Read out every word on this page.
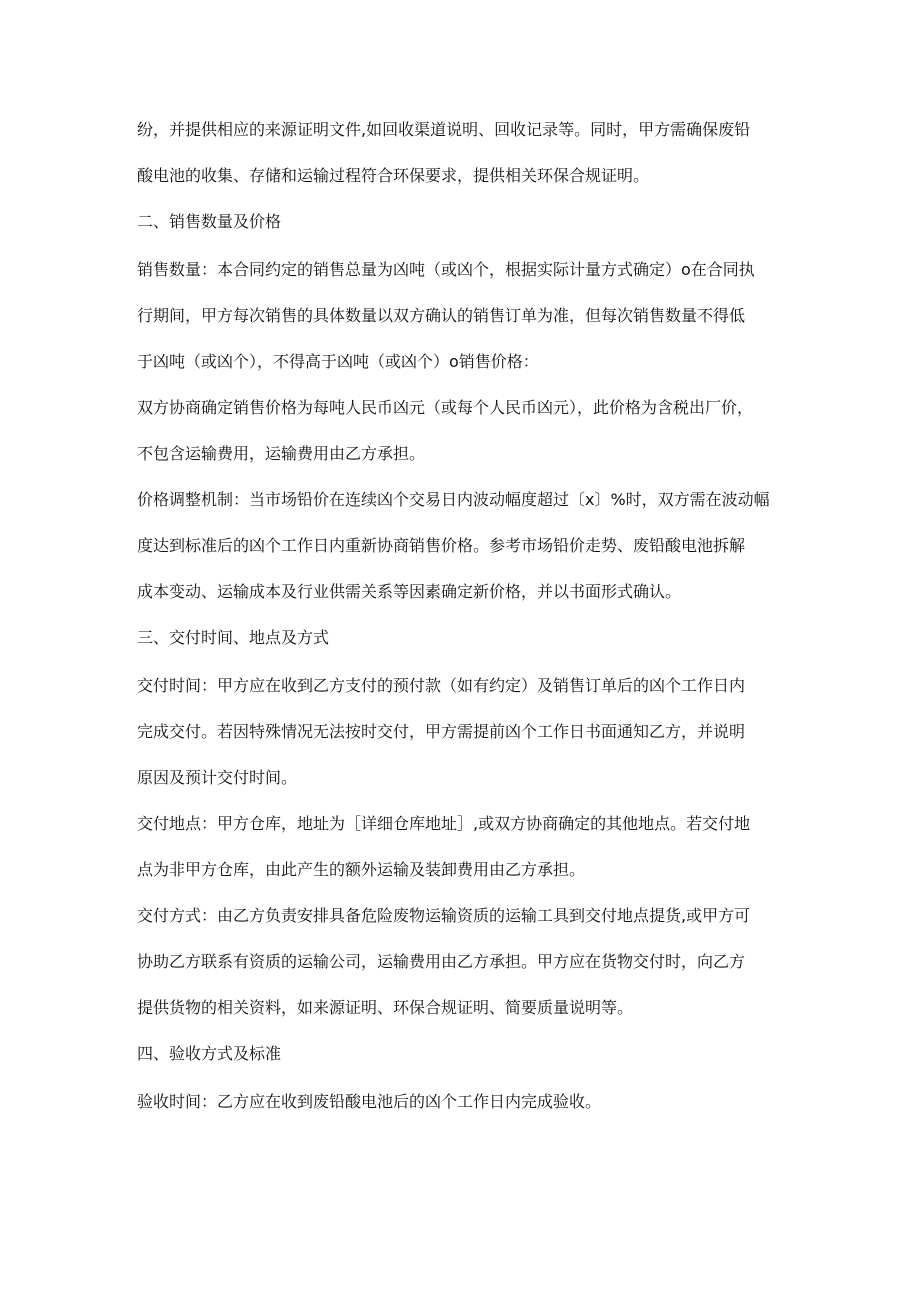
纷，并提供相应的来源证明文件,如回收渠道说明、回收记录等。同时，甲方需确保废铅

酸电池的收集、存储和运输过程符合环保要求，提供相关环保合规证明。

二、销售数量及价格

销售数量：本合同约定的销售总量为凶吨（或凶个，根据实际计量方式确定）o在合同执

行期间，甲方每次销售的具体数量以双方确认的销售订单为准，但每次销售数量不得低

于凶吨（或凶个），不得高于凶吨（或凶个）o销售价格：

双方协商确定销售价格为每吨人民币凶元（或每个人民币凶元），此价格为含税出厂价，

不包含运输费用，运输费用由乙方承担。

价格调整机制：当市场铅价在连续凶个交易日内波动幅度超过〔x〕%时，双方需在波动幅

度达到标准后的凶个工作日内重新协商销售价格。参考市场铅价走势、废铅酸电池拆解

成本变动、运输成本及行业供需关系等因素确定新价格，并以书面形式确认。

三、交付时间、地点及方式

交付时间：甲方应在收到乙方支付的预付款（如有约定）及销售订单后的凶个工作日内

完成交付。若因特殊情况无法按时交付，甲方需提前凶个工作日书面通知乙方，并说明

原因及预计交付时间。

交付地点：甲方仓库，地址为［详细仓库地址］,或双方协商确定的其他地点。若交付地

点为非甲方仓库，由此产生的额外运输及装卸费用由乙方承担。

交付方式：由乙方负责安排具备危险废物运输资质的运输工具到交付地点提货,或甲方可

协助乙方联系有资质的运输公司，运输费用由乙方承担。甲方应在货物交付时，向乙方

提供货物的相关资料，如来源证明、环保合规证明、简要质量说明等。

四、验收方式及标准

验收时间：乙方应在收到废铅酸电池后的凶个工作日内完成验收。
